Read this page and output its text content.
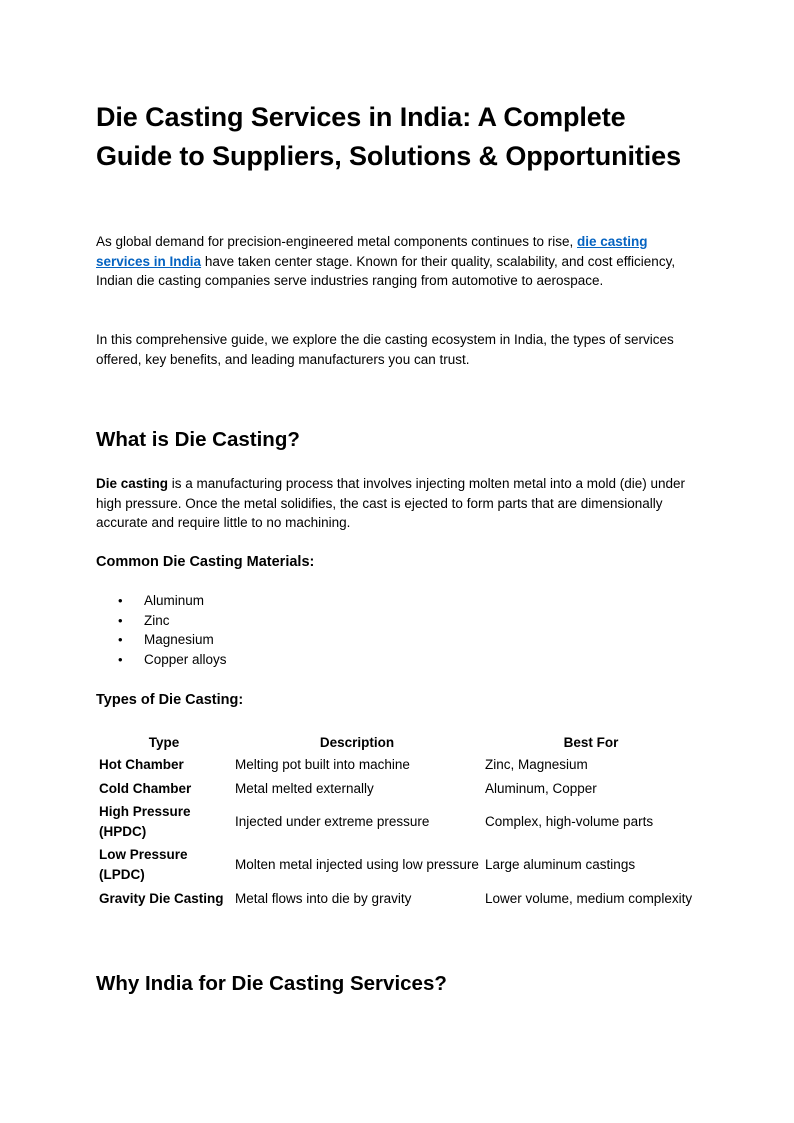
Die Casting Services in India: A Complete Guide to Suppliers, Solutions & Opportunities

As global demand for precision-engineered metal components continues to rise, die casting services in India have taken center stage. Known for their quality, scalability, and cost efficiency, Indian die casting companies serve industries ranging from automotive to aerospace.

In this comprehensive guide, we explore the die casting ecosystem in India, the types of services offered, key benefits, and leading manufacturers you can trust.

What is Die Casting?

Die casting is a manufacturing process that involves injecting molten metal into a mold (die) under high pressure. Once the metal solidifies, the cast is ejected to form parts that are dimensionally accurate and require little to no machining.

Common Die Casting Materials:
• Aluminum
• Zinc
• Magnesium
• Copper alloys
Types of Die Casting:
Type	Description	Best For
Hot Chamber	Melting pot built into machine	Zinc, Magnesium
Cold Chamber	Metal melted externally	Aluminum, Copper
High Pressure (HPDC)	Injected under extreme pressure	Complex, high-volume parts
Low Pressure (LPDC)	Molten metal injected using low pressure	Large aluminum castings
Gravity Die Casting	Metal flows into die by gravity	Lower volume, medium complexity
Why India for Die Casting Services?
